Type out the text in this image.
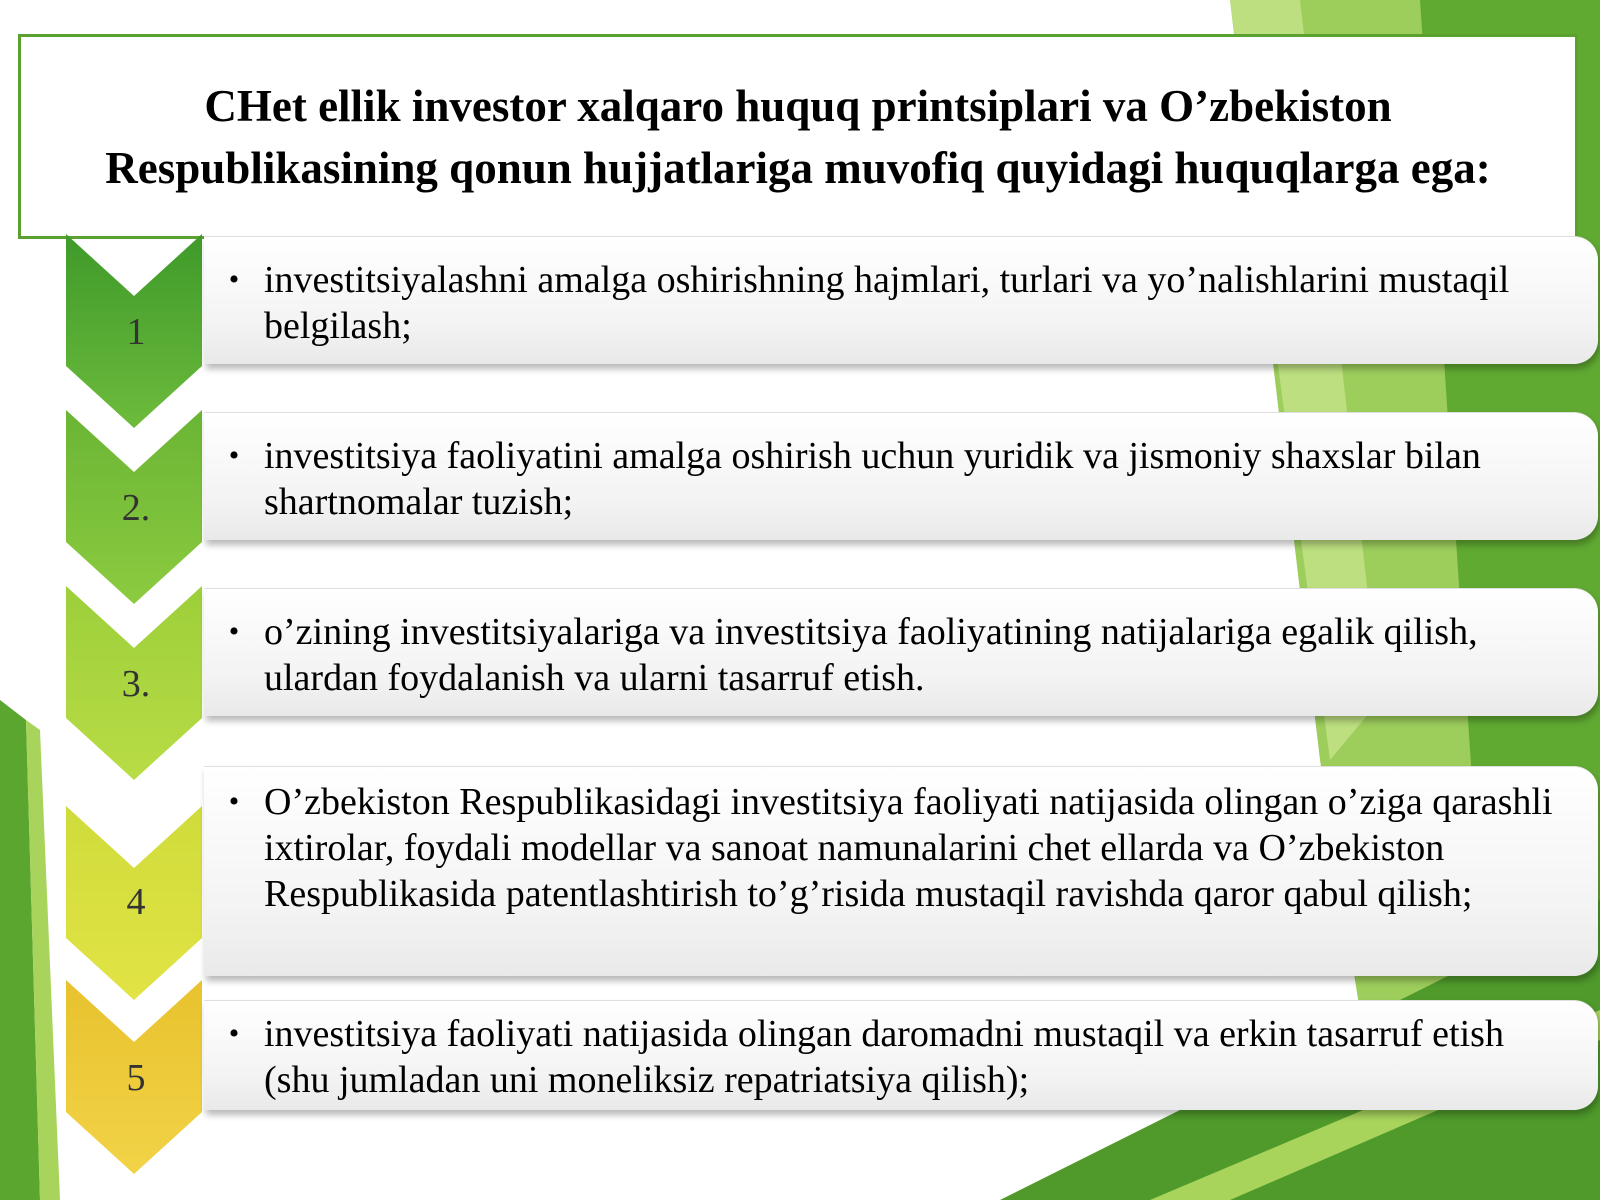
CHet ellik investor xalqaro huquq printsiplari va O’zbekiston Respublikasining qonun hujjatlariga muvofiq quyidagi huquqlarga ega:
1
• investitsiyalashni amalga oshirishning hajmlari, turlari va yo’nalishlarini mustaqil belgilash;
2.
• investitsiya faoliyatini amalga oshirish uchun yuridik va jismoniy shaxslar bilan shartnomalar tuzish;
3.
• o’zining investitsiyalariga va investitsiya faoliyatining natijalariga egalik qilish, ulardan foydalanish va ularni tasarruf etish.
4
• O’zbekiston Respublikasidagi investitsiya faoliyati natijasida olingan o’ziga qarashli ixtirolar, foydali modellar va sanoat namunalarini chet ellarda va O’zbekiston Respublikasida patentlashtirish to’g’risida mustaqil ravishda qaror qabul qilish;
5
• investitsiya faoliyati natijasida olingan daromadni mustaqil va erkin tasarruf etish (shu jumladan uni moneliksiz repatriatsiya qilish);
